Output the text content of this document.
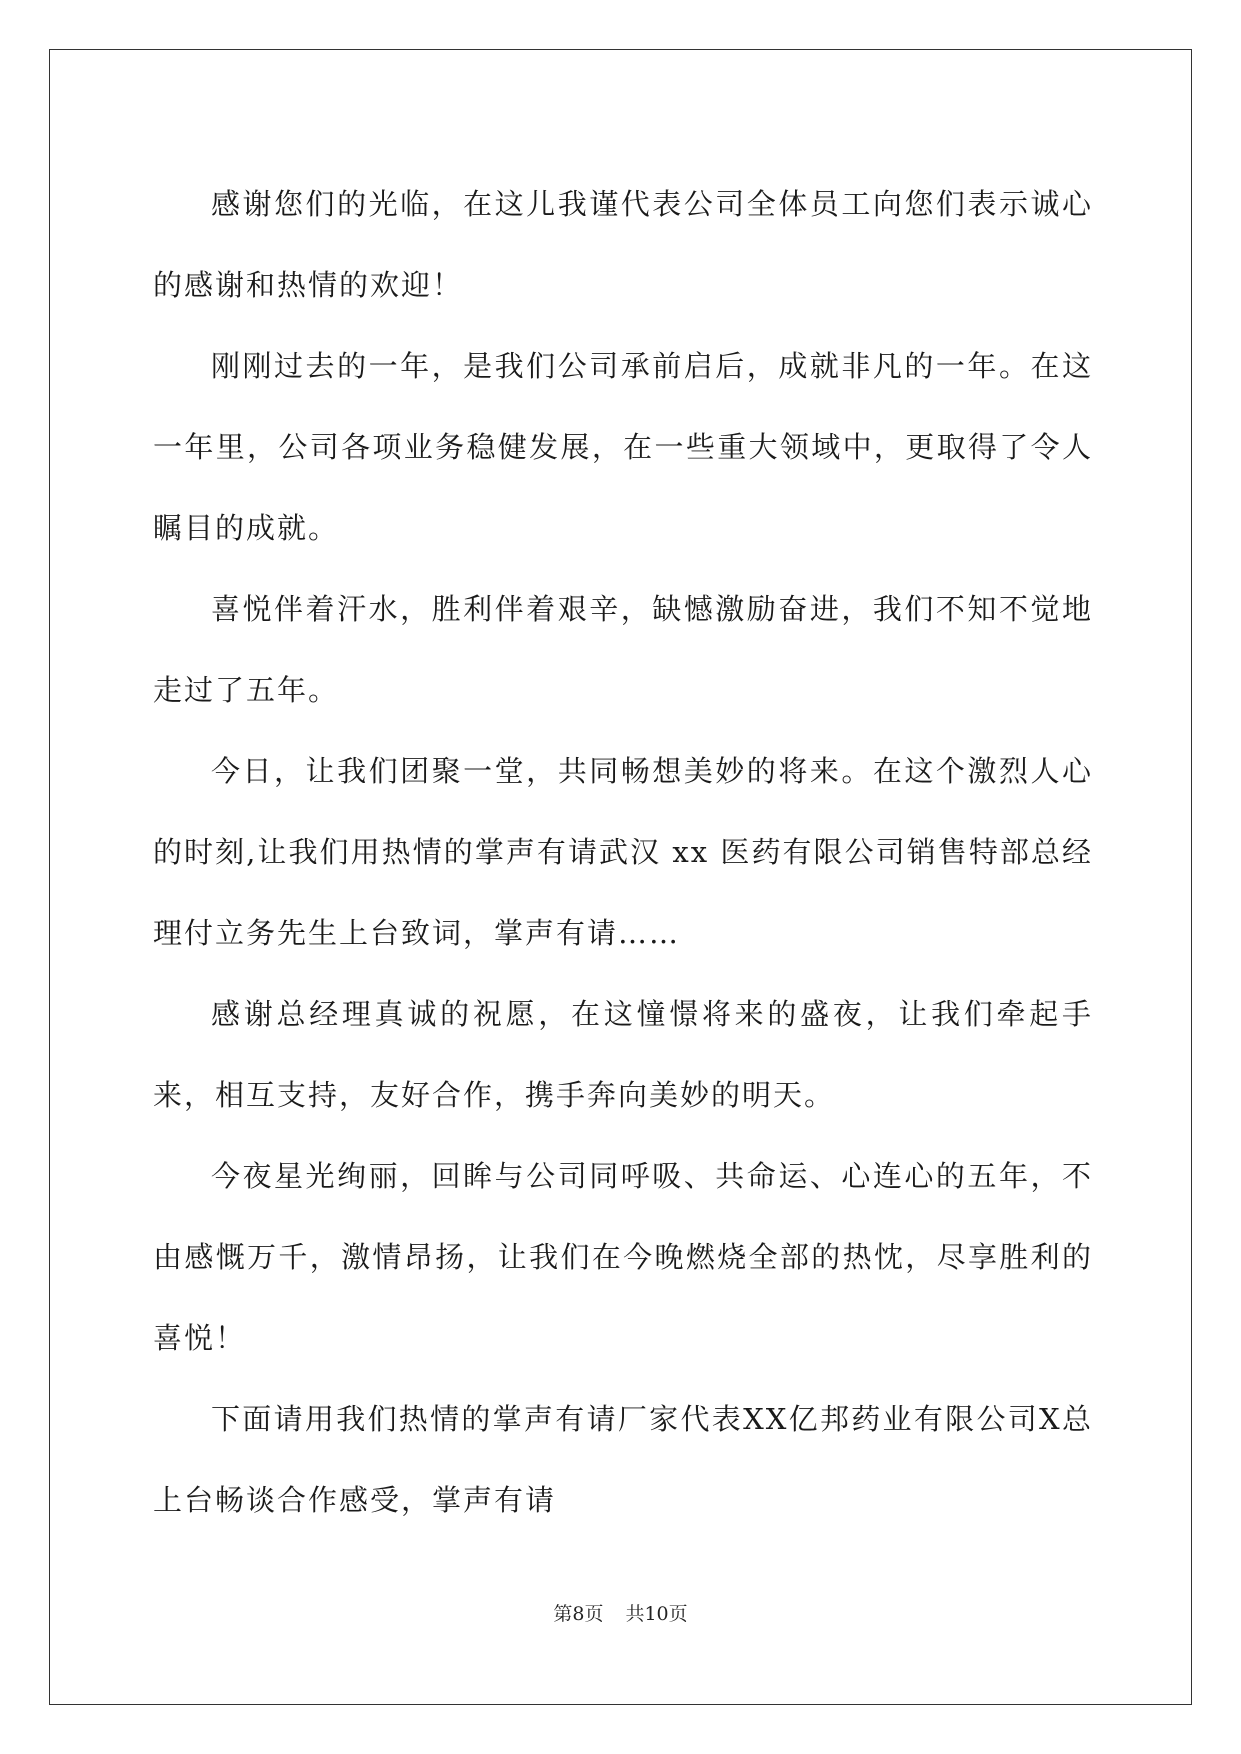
感谢您们的光临，在这儿我谨代表公司全体员工向您们表示诚心的感谢和热情的欢迎！

刚刚过去的一年，是我们公司承前启后，成就非凡的一年。在这一年里，公司各项业务稳健发展，在一些重大领域中，更取得了令人瞩目的成就。

喜悦伴着汗水，胜利伴着艰辛，缺憾激励奋进，我们不知不觉地走过了五年。

今日，让我们团聚一堂，共同畅想美妙的将来。在这个激烈人心的时刻,让我们用热情的掌声有请武汉 xx 医药有限公司销售特部总经理付立务先生上台致词，掌声有请……

感谢总经理真诚的祝愿，在这憧憬将来的盛夜，让我们牵起手来，相互支持，友好合作，携手奔向美妙的明天。

今夜星光绚丽，回眸与公司同呼吸、共命运、心连心的五年，不由感慨万千，激情昂扬，让我们在今晚燃烧全部的热忱，尽享胜利的喜悦！

下面请用我们热情的掌声有请厂家代表XX亿邦药业有限公司X总上台畅谈合作感受，掌声有请

第8页 共10页
